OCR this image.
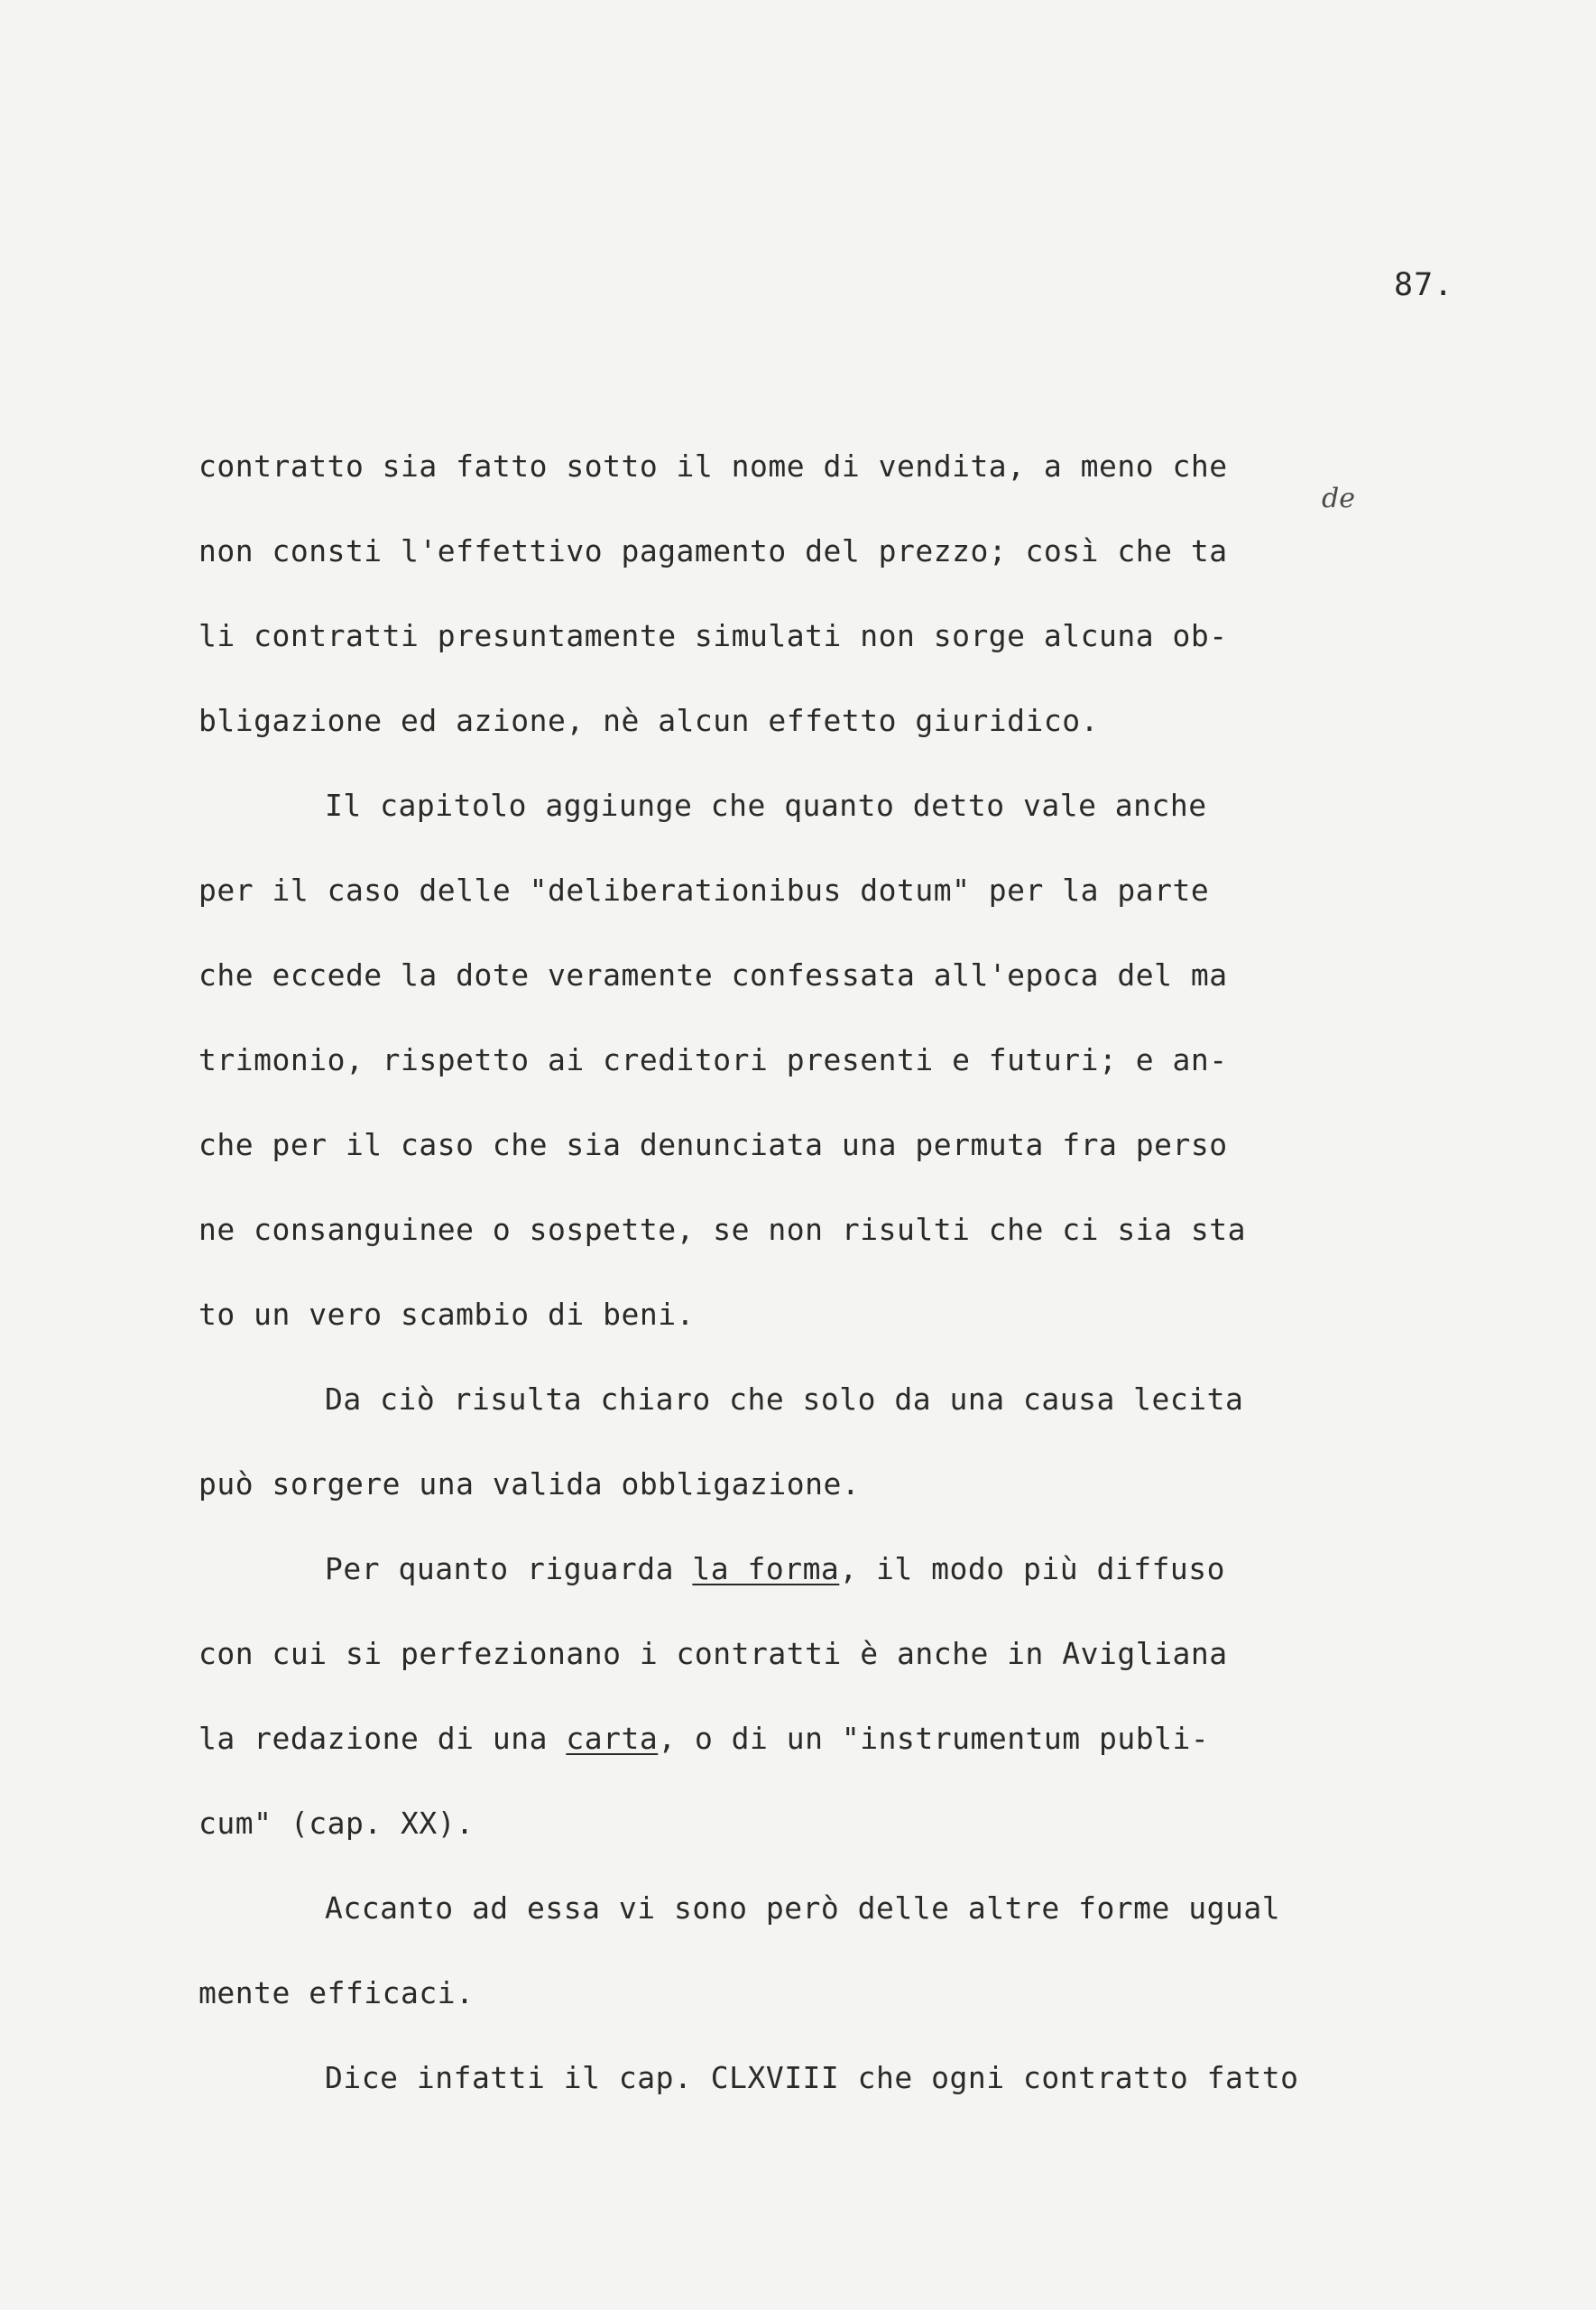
87.
de
contratto sia fatto sotto il nome di vendita, a meno che
non consti l'effettivo pagamento del prezzo; così che ta
li contratti presuntamente simulati non sorge alcuna ob-
bligazione ed azione, nè alcun effetto giuridico.
Il capitolo aggiunge che quanto detto vale anche
per il caso delle "deliberationibus dotum" per la parte
che eccede la dote veramente confessata all'epoca del ma
trimonio, rispetto ai creditori presenti e futuri; e an-
che per il caso che sia denunciata una permuta fra perso
ne consanguinee o sospette, se non risulti che ci sia sta
to un vero scambio di beni.
Da ciò risulta chiaro che solo da una causa lecita
può sorgere una valida obbligazione.
Per quanto riguarda la forma, il modo più diffuso
con cui si perfezionano i contratti è anche in Avigliana
la redazione di una carta, o di un "instrumentum publi-
cum" (cap. XX).
Accanto ad essa vi sono però delle altre forme ugual
mente efficaci.
Dice infatti il cap. CLXVIII che ogni contratto fatto
